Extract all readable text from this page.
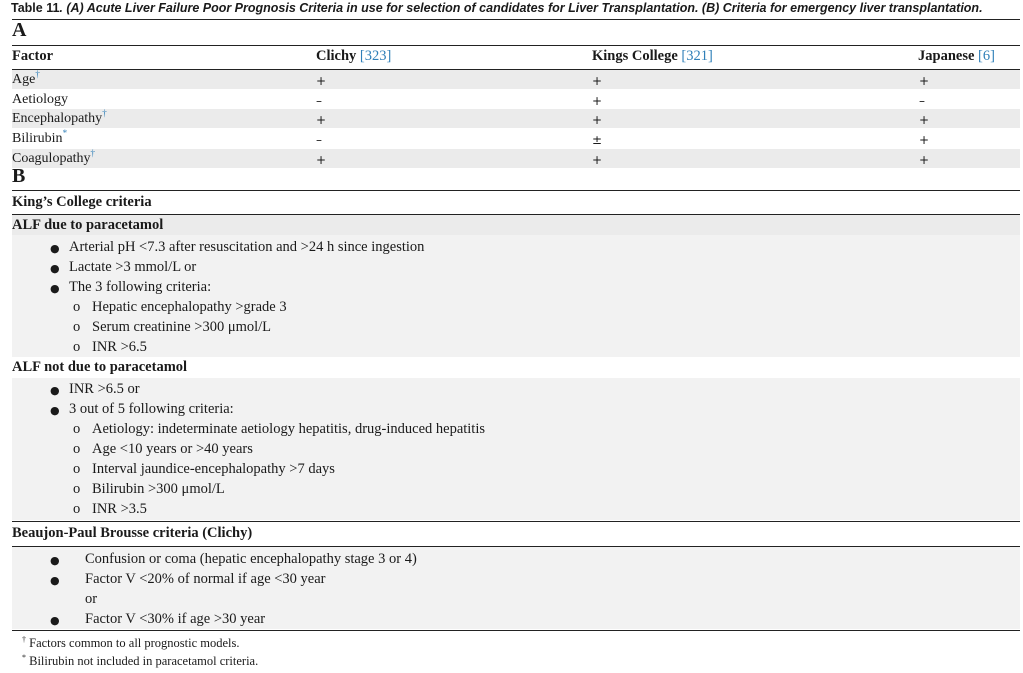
Table 11. (A) Acute Liver Failure Poor Prognosis Criteria in use for selection of candidates for Liver Transplantation. (B) Criteria for emergency liver transplantation.
A
Factor	Clichy [323]	Kings College [321]	Japanese [6]
Age†	+	+	+
Aetiology	–	+	–
Encephalopathy†	+	+	+
Bilirubin*	–	±	+
Coagulopathy†	+	+	+
B
King’s College criteria
ALF due to paracetamol
● Arterial pH <7.3 after resuscitation and >24 h since ingestion
● Lactate >3 mmol/L or
● The 3 following criteria:
o Hepatic encephalopathy >grade 3
o Serum creatinine >300 μmol/L
o INR >6.5
ALF not due to paracetamol
● INR >6.5 or
● 3 out of 5 following criteria:
o Aetiology: indeterminate aetiology hepatitis, drug-induced hepatitis
o Age <10 years or >40 years
o Interval jaundice-encephalopathy >7 days
o Bilirubin >300 μmol/L
o INR >3.5
Beaujon-Paul Brousse criteria (Clichy)
● Confusion or coma (hepatic encephalopathy stage 3 or 4)
● Factor V <20% of normal if age <30 year
or
● Factor V <30% if age >30 year
† Factors common to all prognostic models.
* Bilirubin not included in paracetamol criteria.
